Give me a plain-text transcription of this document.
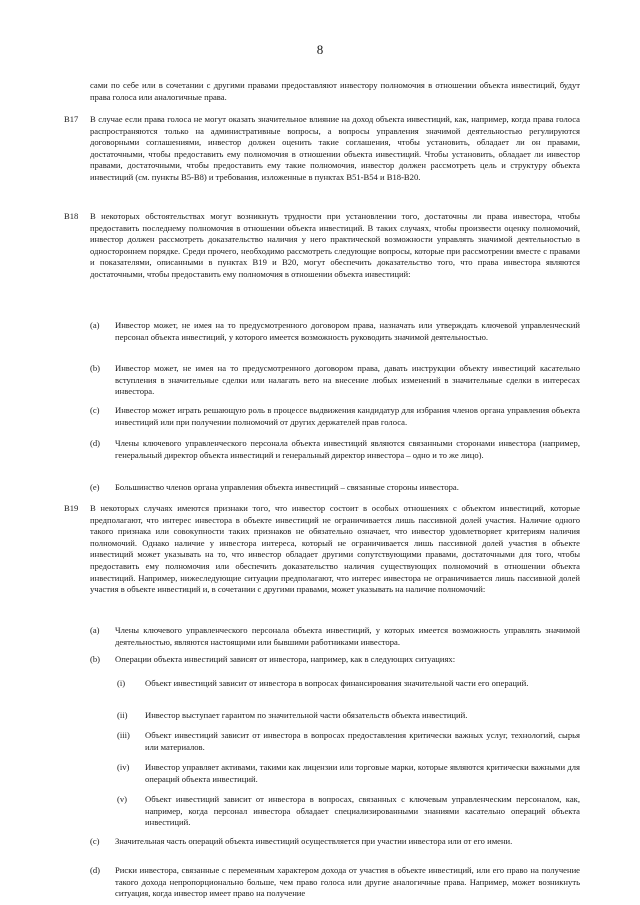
8

сами по себе или в сочетании с другими правами предоставляют инвестору полномочия в отношении объекта инвестиций, будут права голоса или аналогичные права.

B17 В случае если права голоса не могут оказать значительное влияние на доход объекта инвестиций, как, например, когда права голоса распространяются только на административные вопросы, а вопросы управления значимой деятельностью регулируются договорными соглашениями, инвестор должен оценить такие соглашения, чтобы установить, обладает ли он правами, достаточными, чтобы предоставить ему полномочия в отношении объекта инвестиций. Чтобы установить, обладает ли инвестор правами, достаточными, чтобы предоставить ему такие полномочия, инвестор должен рассмотреть цель и структуру объекта инвестиций (см. пункты B5-B8) и требования, изложенные в пунктах B51-B54 и B18-B20.

B18 В некоторых обстоятельствах могут возникнуть трудности при установлении того, достаточны ли права инвестора, чтобы предоставить последнему полномочия в отношении объекта инвестиций. В таких случаях, чтобы произвести оценку полномочий, инвестор должен рассмотреть доказательство наличия у него практической возможности управлять значимой деятельностью в одностороннем порядке. Среди прочего, необходимо рассмотреть следующие вопросы, которые при рассмотрении вместе с правами и показателями, описанными в пунктах B19 и B20, могут обеспечить доказательство того, что права инвестора являются достаточными, чтобы предоставить ему полномочия в отношении объекта инвестиций:

(a) Инвестор может, не имея на то предусмотренного договором права, назначать или утверждать ключевой управленческий персонал объекта инвестиций, у которого имеется возможность руководить значимой деятельностью.

(b) Инвестор может, не имея на то предусмотренного договором права, давать инструкции объекту инвестиций касательно вступления в значительные сделки или налагать вето на внесение любых изменений в значительные сделки в интересах инвестора.

(c) Инвестор может играть решающую роль в процессе выдвижения кандидатур для избрания членов органа управления объекта инвестиций или при получении полномочий от других держателей прав голоса.

(d) Члены ключевого управленческого персонала объекта инвестиций являются связанными сторонами инвестора (например, генеральный директор объекта инвестиций и генеральный директор инвестора – одно и то же лицо).

(e) Большинство членов органа управления объекта инвестиций – связанные стороны инвестора.

B19 В некоторых случаях имеются признаки того, что инвестор состоит в особых отношениях с объектом инвестиций, которые предполагают, что интерес инвестора в объекте инвестиций не ограничивается лишь пассивной долей участия. Наличие одного такого признака или совокупности таких признаков не обязательно означает, что инвестор удовлетворяет критериям наличия полномочий. Однако наличие у инвестора интереса, который не ограничивается лишь пассивной долей участия в объекте инвестиций может указывать на то, что инвестор обладает другими сопутствующими правами, достаточными для того, чтобы предоставить ему полномочия или обеспечить доказательство наличия существующих полномочий в отношении объекта инвестиций. Например, нижеследующие ситуации предполагают, что интерес инвестора не ограничивается лишь пассивной долей участия в объекте инвестиций и, в сочетании с другими правами, может указывать на наличие полномочий:

(a) Члены ключевого управленческого персонала объекта инвестиций, у которых имеется возможность управлять значимой деятельностью, являются настоящими или бывшими работниками инвестора.

(b) Операции объекта инвестиций зависят от инвестора, например, как в следующих ситуациях:

(i) Объект инвестиций зависит от инвестора в вопросах финансирования значительной части его операций.

(ii) Инвестор выступает гарантом по значительной части обязательств объекта инвестиций.

(iii) Объект инвестиций зависит от инвестора в вопросах предоставления критически важных услуг, технологий, сырья или материалов.

(iv) Инвестор управляет активами, такими как лицензии или торговые марки, которые являются критически важными для операций объекта инвестиций.

(v) Объект инвестиций зависит от инвестора в вопросах, связанных с ключевым управленческим персоналом, как, например, когда персонал инвестора обладает специализированными знаниями касательно операций объекта инвестиций.

(c) Значительная часть операций объекта инвестиций осуществляется при участии инвестора или от его имени.

(d) Риски инвестора, связанные с переменным характером дохода от участия в объекте инвестиций, или его право на получение такого дохода непропорционально больше, чем право голоса или другие аналогичные права. Например, может возникнуть ситуация, когда инвестор имеет право на получение
